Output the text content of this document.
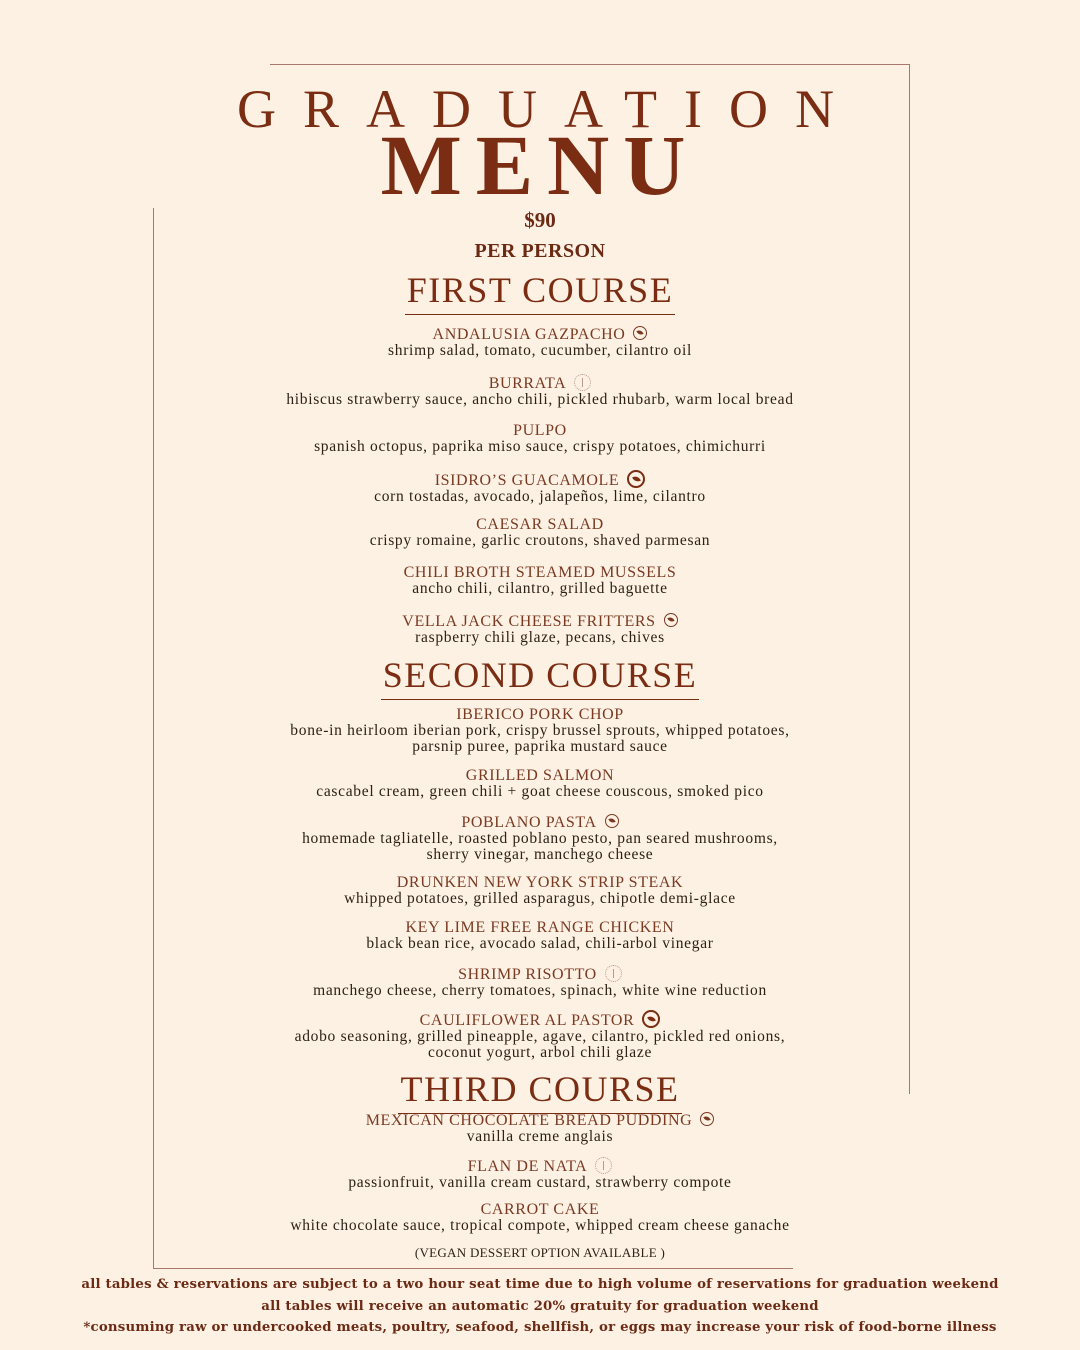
GRADUATION
MENU
$90
PER PERSON
FIRST COURSE
ANDALUSIA GAZPACHO
shrimp salad, tomato, cucumber, cilantro oil
BURRATA
hibiscus strawberry sauce, ancho chili, pickled rhubarb, warm local bread
PULPO
spanish octopus, paprika miso sauce, crispy potatoes, chimichurri
ISIDRO’S GUACAMOLE
corn tostadas, avocado, jalapeños, lime, cilantro
CAESAR SALAD
crispy romaine, garlic croutons, shaved parmesan
CHILI BROTH STEAMED MUSSELS
ancho chili, cilantro, grilled baguette
VELLA JACK CHEESE FRITTERS
raspberry chili glaze, pecans, chives
SECOND COURSE
IBERICO PORK CHOP
bone-in heirloom iberian pork, crispy brussel sprouts, whipped potatoes,
parsnip puree, paprika mustard sauce
GRILLED SALMON
cascabel cream, green chili + goat cheese couscous, smoked pico
POBLANO PASTA
homemade tagliatelle, roasted poblano pesto, pan seared mushrooms,
sherry vinegar, manchego cheese
DRUNKEN NEW YORK STRIP STEAK
whipped potatoes, grilled asparagus, chipotle demi-glace
KEY LIME FREE RANGE CHICKEN
black bean rice, avocado salad, chili-arbol vinegar
SHRIMP RISOTTO
manchego cheese, cherry tomatoes, spinach, white wine reduction
CAULIFLOWER AL PASTOR
adobo seasoning, grilled pineapple, agave, cilantro, pickled red onions,
coconut yogurt, arbol chili glaze
THIRD COURSE
MEXICAN CHOCOLATE BREAD PUDDING
vanilla creme anglais
FLAN DE NATA
passionfruit, vanilla cream custard, strawberry compote
CARROT CAKE
white chocolate sauce, tropical compote, whipped cream cheese ganache
(VEGAN DESSERT OPTION AVAILABLE )
all tables & reservations are subject to a two hour seat time due to high volume of reservations for graduation weekend
all tables will receive an automatic 20% gratuity for graduation weekend
*consuming raw or undercooked meats, poultry, seafood, shellfish, or eggs may increase your risk of food-borne illness
